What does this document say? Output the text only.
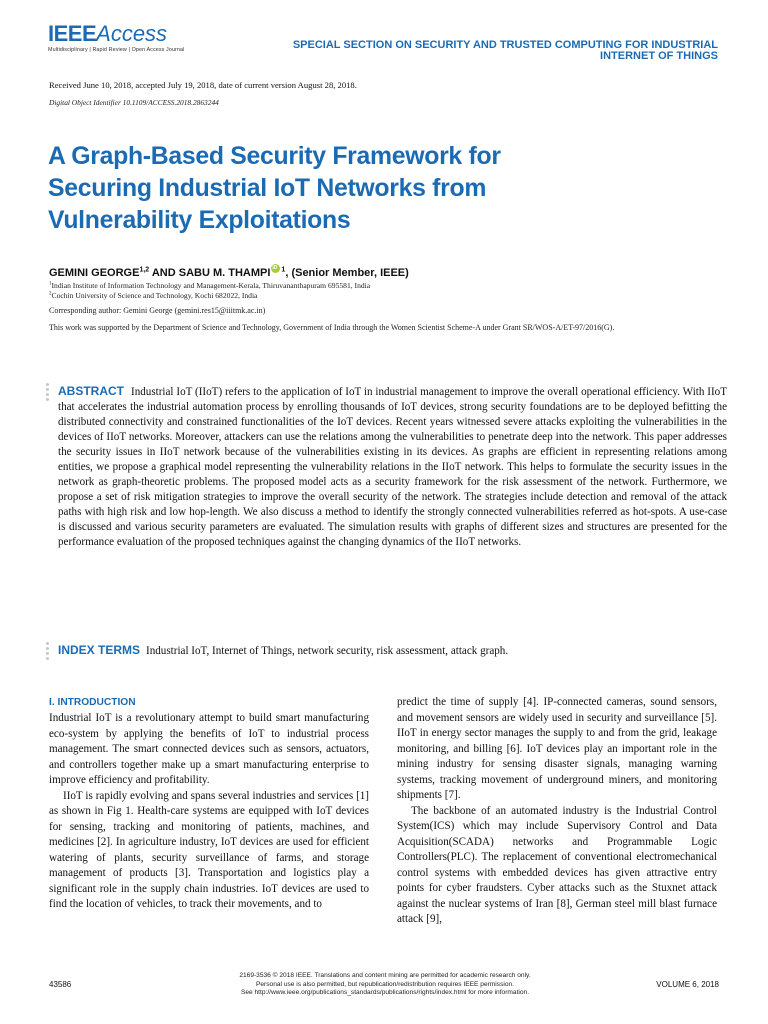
IEEEAccess
Multidisciplinary | Rapid Review | Open Access Journal	SPECIAL SECTION ON SECURITY AND TRUSTED COMPUTING FOR INDUSTRIAL INTERNET OF THINGS
Received June 10, 2018, accepted July 19, 2018, date of current version August 28, 2018.
Digital Object Identifier 10.1109/ACCESS.2018.2863244
A Graph-Based Security Framework for Securing Industrial IoT Networks from Vulnerability Exploitations
GEMINI GEORGE$^{1,2}$ AND SABU M. THAMPIiD $^1$, (Senior Member, IEEE)
$^1$Indian Institute of Information Technology and Management-Kerala, Thiruvananthapuram 695581, India
$^2$Cochin University of Science and Technology, Kochi 682022, India
Corresponding author: Gemini George (gemini.res15@iiitmk.ac.in)
This work was supported by the Department of Science and Technology, Government of India through the Women Scientist Scheme-A under Grant SR/WOS-A/ET-97/2016(G).
ABSTRACT Industrial IoT (IIoT) refers to the application of IoT in industrial management to improve the overall operational efficiency. With IIoT that accelerates the industrial automation process by enrolling thousands of IoT devices, strong security foundations are to be deployed befitting the distributed connectivity and constrained functionalities of the IoT devices. Recent years witnessed severe attacks exploiting the vulnerabilities in the devices of IIoT networks. Moreover, attackers can use the relations among the vulnerabilities to penetrate deep into the network. This paper addresses the security issues in IIoT network because of the vulnerabilities existing in its devices. As graphs are efficient in representing relations among entities, we propose a graphical model representing the vulnerability relations in the IIoT network. This helps to formulate the security issues in the network as graph-theoretic problems. The proposed model acts as a security framework for the risk assessment of the network. Furthermore, we propose a set of risk mitigation strategies to improve the overall security of the network. The strategies include detection and removal of the attack paths with high risk and low hop-length. We also discuss a method to identify the strongly connected vulnerabilities referred as hot-spots. A use-case is discussed and various security parameters are evaluated. The simulation results with graphs of different sizes and structures are presented for the performance evaluation of the proposed techniques against the changing dynamics of the IIoT networks.
INDEX TERMS Industrial IoT, Internet of Things, network security, risk assessment, attack graph.
I. INTRODUCTION

Industrial IoT is a revolutionary attempt to build smart manufacturing eco-system by applying the benefits of IoT to industrial process management. The smart connected devices such as sensors, actuators, and controllers together make up a smart manufacturing enterprise to improve efficiency and profitability.

IIoT is rapidly evolving and spans several industries and services [1] as shown in Fig 1. Health-care systems are equipped with IoT devices for sensing, tracking and monitoring of patients, machines, and medicines [2]. In agriculture industry, IoT devices are used for efficient watering of plants, security surveillance of farms, and storage management of products [3]. Transportation and logistics play a significant role in the supply chain industries. IoT devices are used to find the location of vehicles, to track their movements, and to

predict the time of supply [4]. IP-connected cameras, sound sensors, and movement sensors are widely used in security and surveillance [5]. IIoT in energy sector manages the supply to and from the grid, leakage monitoring, and billing [6]. IoT devices play an important role in the mining industry for sensing disaster signals, managing warning systems, tracking movement of underground miners, and monitoring shipments [7].

The backbone of an automated industry is the Industrial Control System(ICS) which may include Supervisory Control and Data Acquisition(SCADA) networks and Programmable Logic Controllers(PLC). The replacement of conventional electromechanical control systems with embedded devices has given attractive entry points for cyber fraudsters. Cyber attacks such as the Stuxnet attack against the nuclear systems of Iran [8], German steel mill blast furnace attack [9],

43586
2169-3536 © 2018 IEEE. Translations and content mining are permitted for academic research only.
Personal use is also permitted, but republication/redistribution requires IEEE permission.
See http://www.ieee.org/publications_standards/publications/rights/index.html for more information.
VOLUME 6, 2018
